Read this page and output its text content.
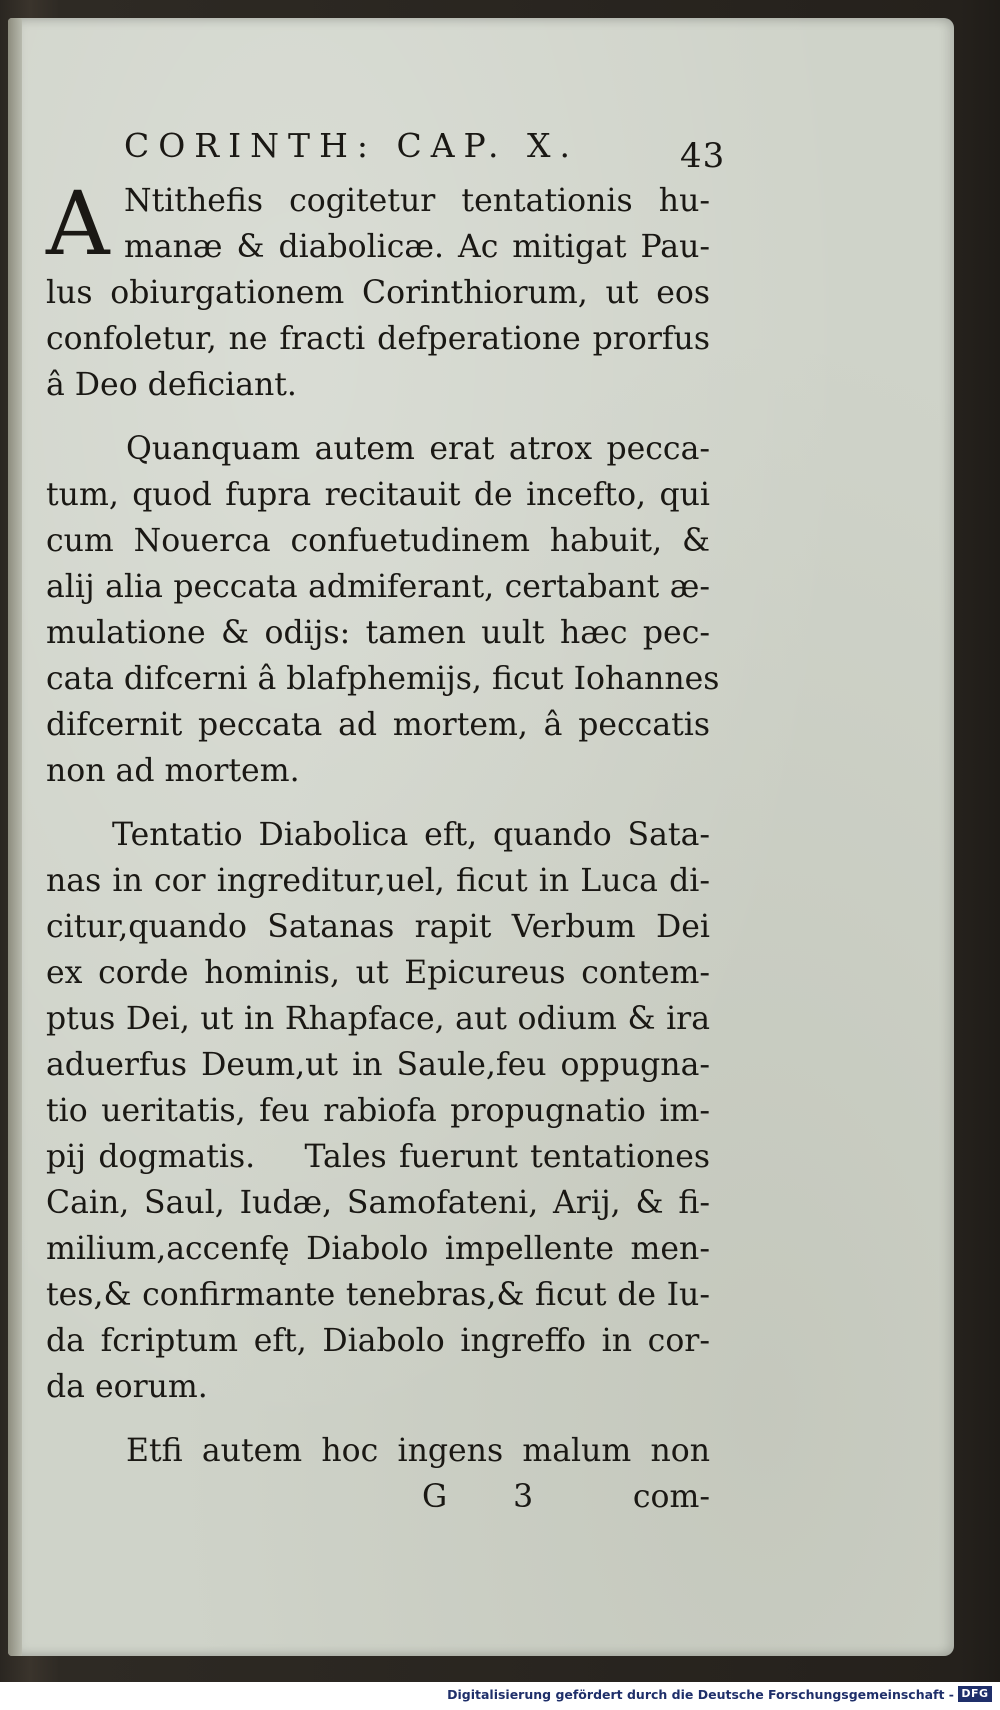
CORINTH: CAP. X.	43
A Ntithefis cogitetur tentationis hu-
manæ & diabolicæ. Ac mitigat Pau-
lus obiurgationem Corinthiorum, ut eos
confoletur, ne fracti defperatione prorfus
â Deo deficiant.
Quanquam autem erat atrox pecca-
tum, quod fupra recitauit de incefto, qui
cum Nouerca confuetudinem habuit, &
alij alia peccata admiferant, certabant æ-
mulatione & odijs: tamen uult hæc pec-
cata difcerni â blafphemijs, ficut Iohannes
difcernit peccata ad mortem, â peccatis
non ad mortem.
Tentatio Diabolica eft, quando Sata-
nas in cor ingreditur,uel, ficut in Luca di-
citur,quando Satanas rapit Verbum Dei
ex corde hominis, ut Epicureus contem-
ptus Dei, ut in Rhapface, aut odium & ira
aduerfus Deum,ut in Saule,feu oppugna-
tio ueritatis, feu rabiofa propugnatio im-
pij dogmatis.    Tales fuerunt tentationes
Cain, Saul, Iudæ, Samofateni, Arij, & fi-
milium,accenfę Diabolo impellente men-
tes,& confirmante tenebras,& ficut de Iu-
da fcriptum eft, Diabolo ingreffo in cor-
da eorum.
Etfi autem hoc ingens malum non
G 3 com-
Digitalisierung gefördert durch die Deutsche Forschungsgemeinschaft - DFG
